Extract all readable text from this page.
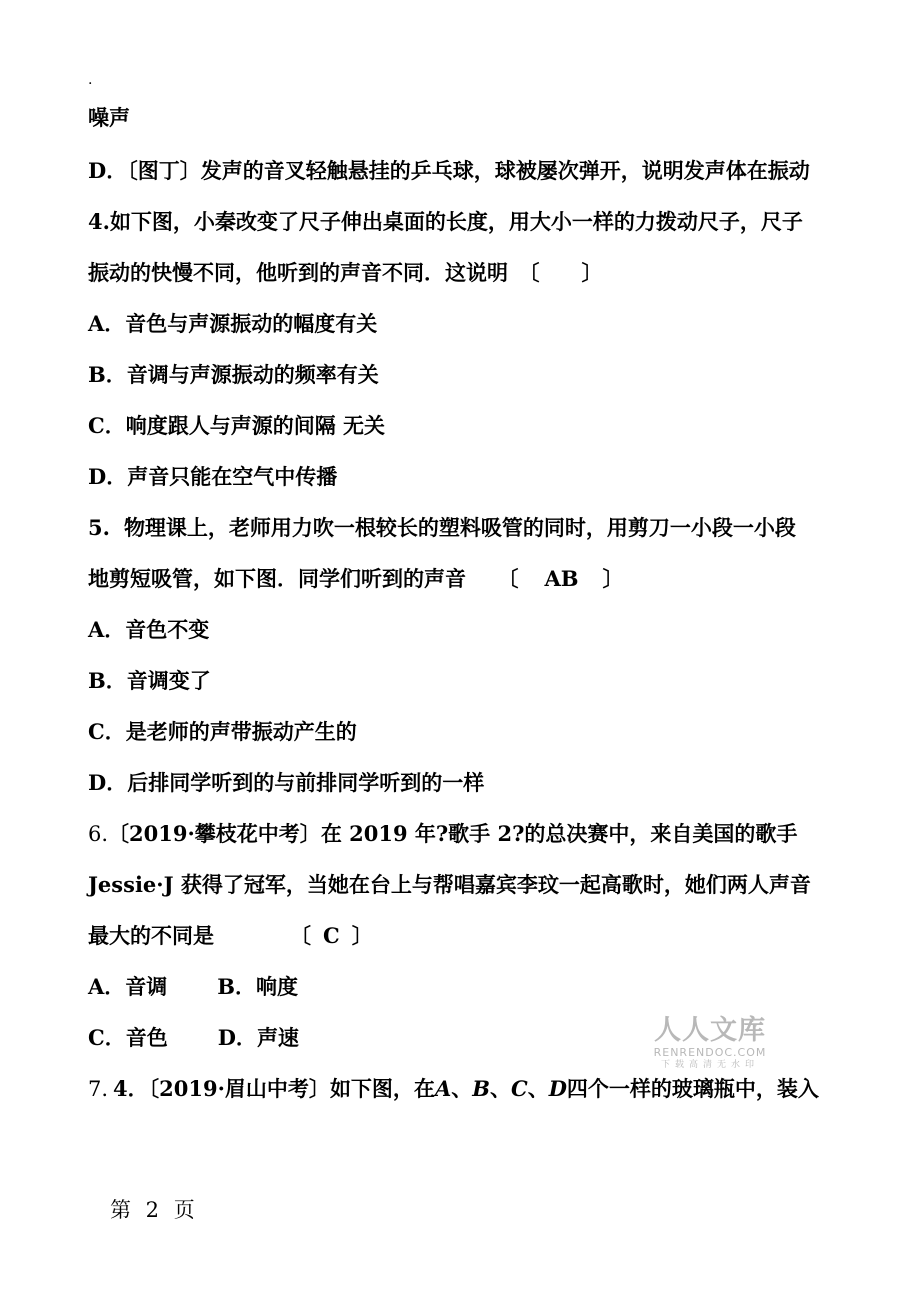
.
噪声
D．〔图丁〕发声的音叉轻触悬挂的乒乓球，球被屡次弹开，说明发声体在振动
4.如下图，小秦改变了尺子伸出桌面的长度，用大小一样的力拨动尺子，尺子
振动的快慢不同，他听到的声音不同．这说明　〔　　〕
A．音色与声源振动的幅度有关
B．音调与声源振动的频率有关
C．响度跟人与声源的间隔 无关
D．声音只能在空气中传播
5. 物理课上，老师用力吹一根较长的塑料吸管的同时，用剪刀一小段一小段
地剪短吸管，如下图．同学们听到的声音　　〔 AB 〕
A．音色不变
B．音调变了
C．是老师的声带振动产生的
D．后排同学听到的与前排同学听到的一样
6.〔2019·攀枝花中考〕在 2019 年?歌手 2?的总决赛中，来自美国的歌手
Jessie·J 获得了冠军，当她在台上与帮唱嘉宾李玟一起高歌时，她们两人声音
最大的不同是	〔 C 〕
A．音调 B．响度
C．音色 D．声速
7. 4．〔2019·眉山中考〕如下图，在A、B、C、D四个一样的玻璃瓶中，装入
人人文库
RENRENDOC.COM
下载高清无水印
第 2 页
